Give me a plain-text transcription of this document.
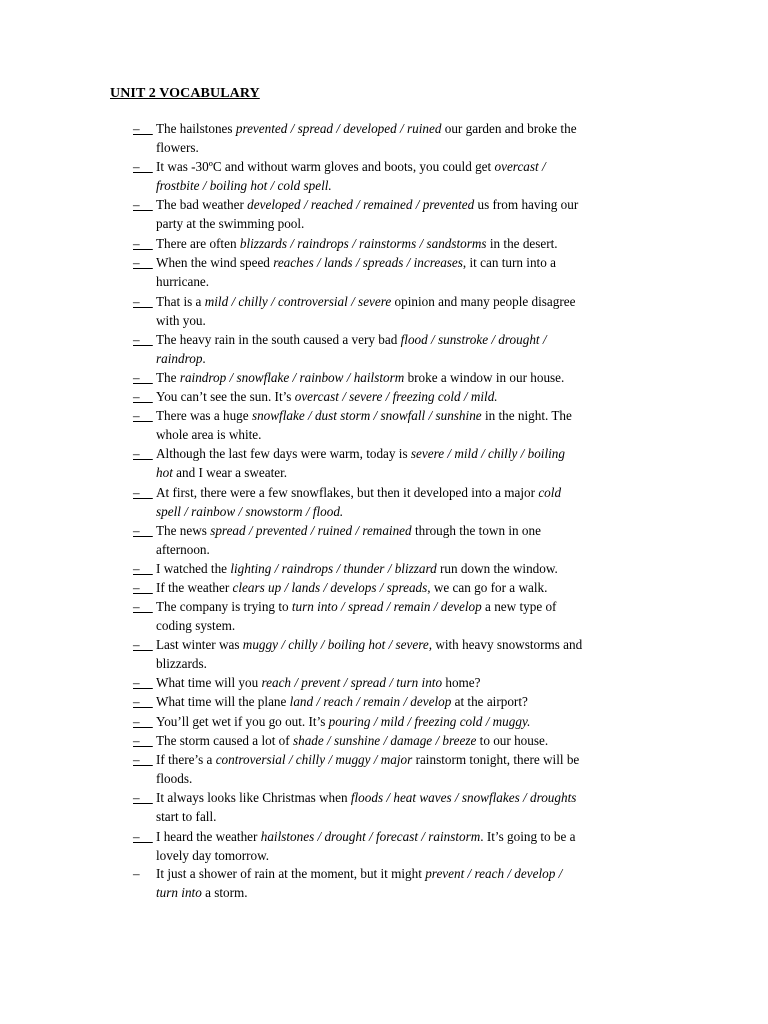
UNIT 2 VOCABULARY
– The hailstones prevented / spread / developed / ruined our garden and broke the
flowers.
– It was -30ºC and without warm gloves and boots, you could get overcast /
frostbite / boiling hot / cold spell.
– The bad weather developed / reached / remained / prevented us from having our
party at the swimming pool.
– There are often blizzards / raindrops / rainstorms / sandstorms in the desert.
– When the wind speed reaches / lands / spreads / increases, it can turn into a
hurricane.
– That is a mild / chilly / controversial / severe opinion and many people disagree
with you.
– The heavy rain in the south caused a very bad flood / sunstroke / drought /
raindrop.
– The raindrop / snowflake / rainbow / hailstorm broke a window in our house.
– You can’t see the sun. It’s overcast / severe / freezing cold / mild.
– There was a huge snowflake / dust storm / snowfall / sunshine in the night. The
whole area is white.
– Although the last few days were warm, today is severe / mild / chilly / boiling
hot and I wear a sweater.
– At first, there were a few snowflakes, but then it developed into a major cold
spell / rainbow / snowstorm / flood.
– The news spread / prevented / ruined / remained through the town in one
afternoon.
– I watched the lighting / raindrops / thunder / blizzard run down the window.
– If the weather clears up / lands / develops / spreads, we can go for a walk.
– The company is trying to turn into / spread / remain / develop a new type of
coding system.
– Last winter was muggy / chilly / boiling hot / severe, with heavy snowstorms and
blizzards.
– What time will you reach / prevent / spread / turn into home?
– What time will the plane land / reach / remain / develop at the airport?
– You’ll get wet if you go out. It’s pouring / mild / freezing cold / muggy.
– The storm caused a lot of shade / sunshine / damage / breeze to our house.
– If there’s a controversial / chilly / muggy / major rainstorm tonight, there will be
floods.
– It always looks like Christmas when floods / heat waves / snowflakes / droughts
start to fall.
– I heard the weather hailstones / drought / forecast / rainstorm. It’s going to be a
lovely day tomorrow.
– It just a shower of rain at the moment, but it might prevent / reach / develop /
turn into a storm.
